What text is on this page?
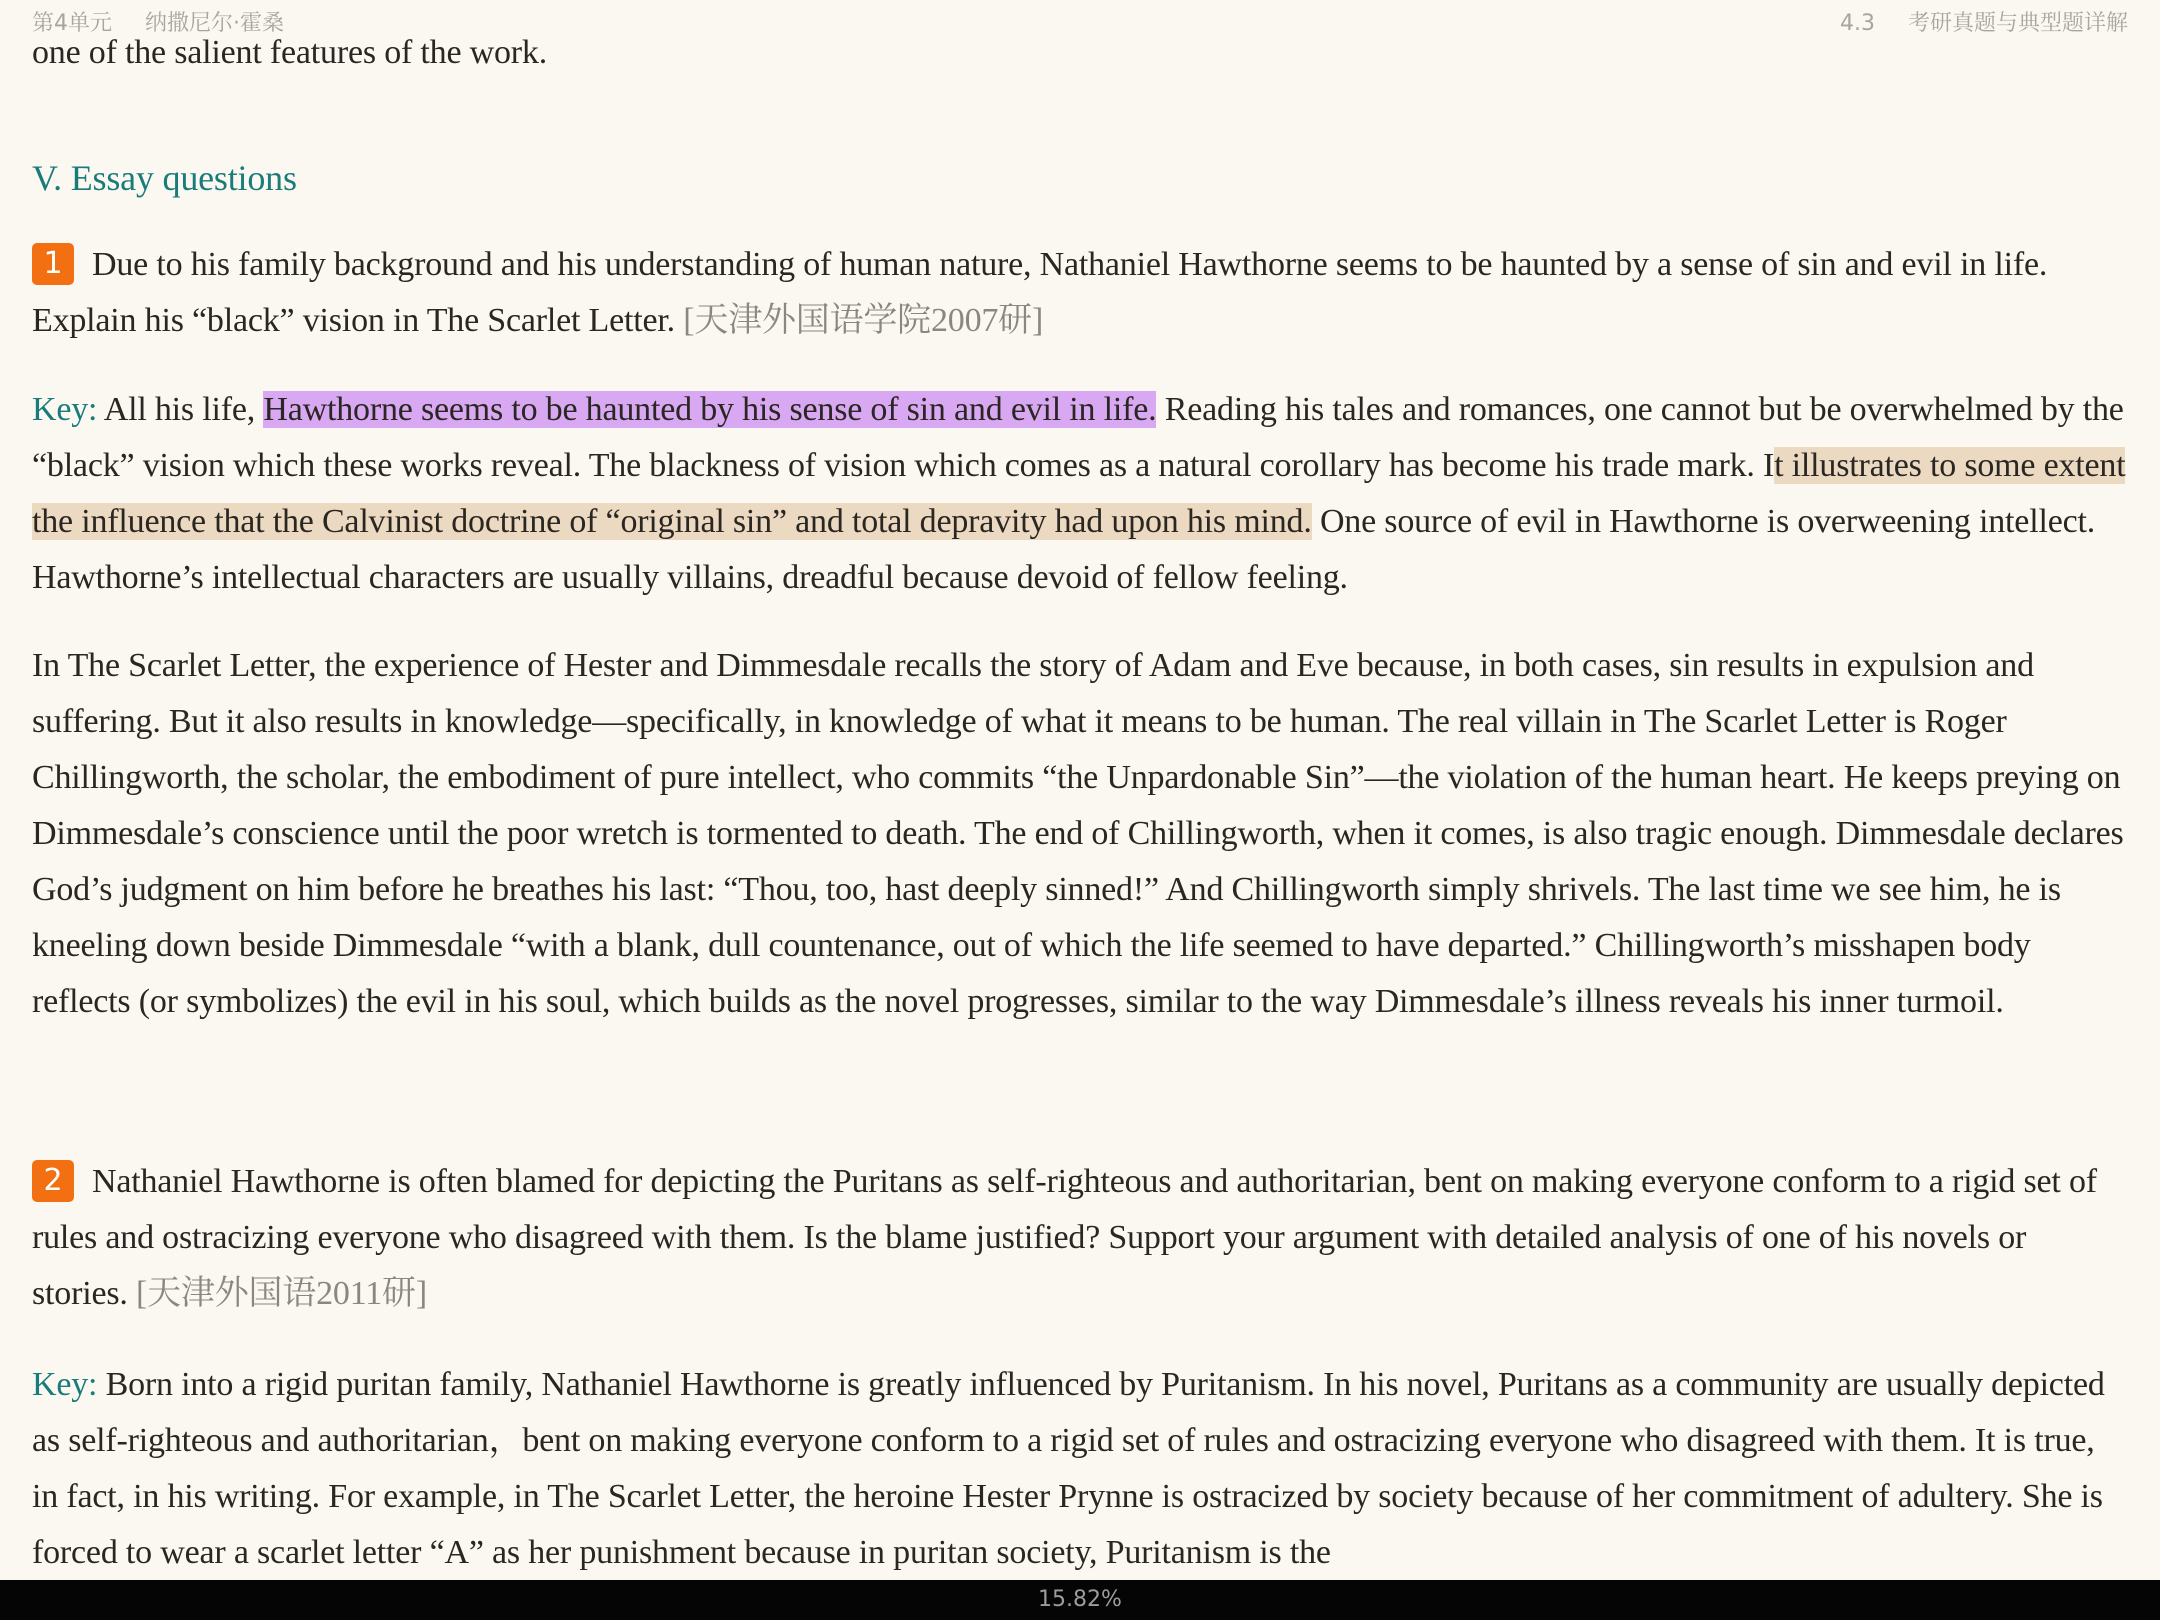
第4单元 纳撒尼尔·霍桑	4.3 考研真题与典型题详解

one of the salient features of the work.

V. Essay questions

1 Due to his family background and his understanding of human nature, Nathaniel Hawthorne seems to be haunted by a sense of sin and evil in life. Explain his “black” vision in The Scarlet Letter. [天津外国语学院2007研]

Key: All his life, Hawthorne seems to be haunted by his sense of sin and evil in life. Reading his tales and romances, one cannot but be overwhelmed by the “black” vision which these works reveal. The blackness of vision which comes as a natural corollary has become his trade mark. It illustrates to some extent the influence that the Calvinist doctrine of “original sin” and total depravity had upon his mind. One source of evil in Hawthorne is overweening intellect. Hawthorne’s intellectual characters are usually villains, dreadful because devoid of fellow feeling.

In The Scarlet Letter, the experience of Hester and Dimmesdale recalls the story of Adam and Eve because, in both cases, sin results in expulsion and suffering. But it also results in knowledge—specifically, in knowledge of what it means to be human. The real villain in The Scarlet Letter is Roger Chillingworth, the scholar, the embodiment of pure intellect, who commits “the Unpardonable Sin”—the violation of the human heart. He keeps preying on Dimmesdale’s conscience until the poor wretch is tormented to death. The end of Chillingworth, when it comes, is also tragic enough. Dimmesdale declares God’s judgment on him before he breathes his last: “Thou, too, hast deeply sinned!” And Chillingworth simply shrivels. The last time we see him, he is kneeling down beside Dimmesdale “with a blank, dull countenance, out of which the life seemed to have departed.” Chillingworth’s misshapen body reflects (or symbolizes) the evil in his soul, which builds as the novel progresses, similar to the way Dimmesdale’s illness reveals his inner turmoil.

2 Nathaniel Hawthorne is often blamed for depicting the Puritans as self-righteous and authoritarian, bent on making everyone conform to a rigid set of rules and ostracizing everyone who disagreed with them. Is the blame justified? Support your argument with detailed analysis of one of his novels or stories. [天津外国语2011研]

Key: Born into a rigid puritan family, Nathaniel Hawthorne is greatly influenced by Puritanism. In his novel, Puritans as a community are usually depicted as self-righteous and authoritarian，bent on making everyone conform to a rigid set of rules and ostracizing everyone who disagreed with them. It is true, in fact, in his writing. For example, in The Scarlet Letter, the heroine Hester Prynne is ostracized by society because of her commitment of adultery. She is forced to wear a scarlet letter “A” as her punishment because in puritan society, Puritanism is the

15.82%
